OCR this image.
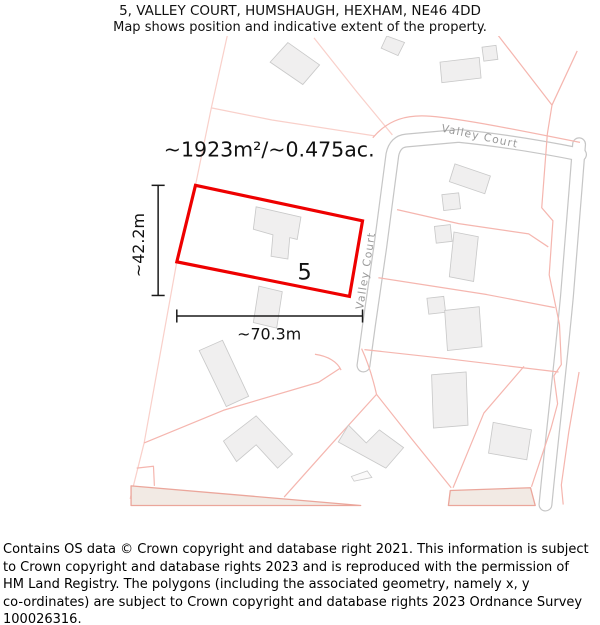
5, VALLEY COURT, HUMSHAUGH, HEXHAM, NE46 4DD
Map shows position and indicative extent of the property.
~42.2m
~70.3m
~1923m²/~0.475ac.
5
Valley Court
Valley Court
Contains OS data © Crown copyright and database right 2021. This information is subject
to Crown copyright and database rights 2023 and is reproduced with the permission of
HM Land Registry. The polygons (including the associated geometry, namely x, y
co-ordinates) are subject to Crown copyright and database rights 2023 Ordnance Survey
100026316.
